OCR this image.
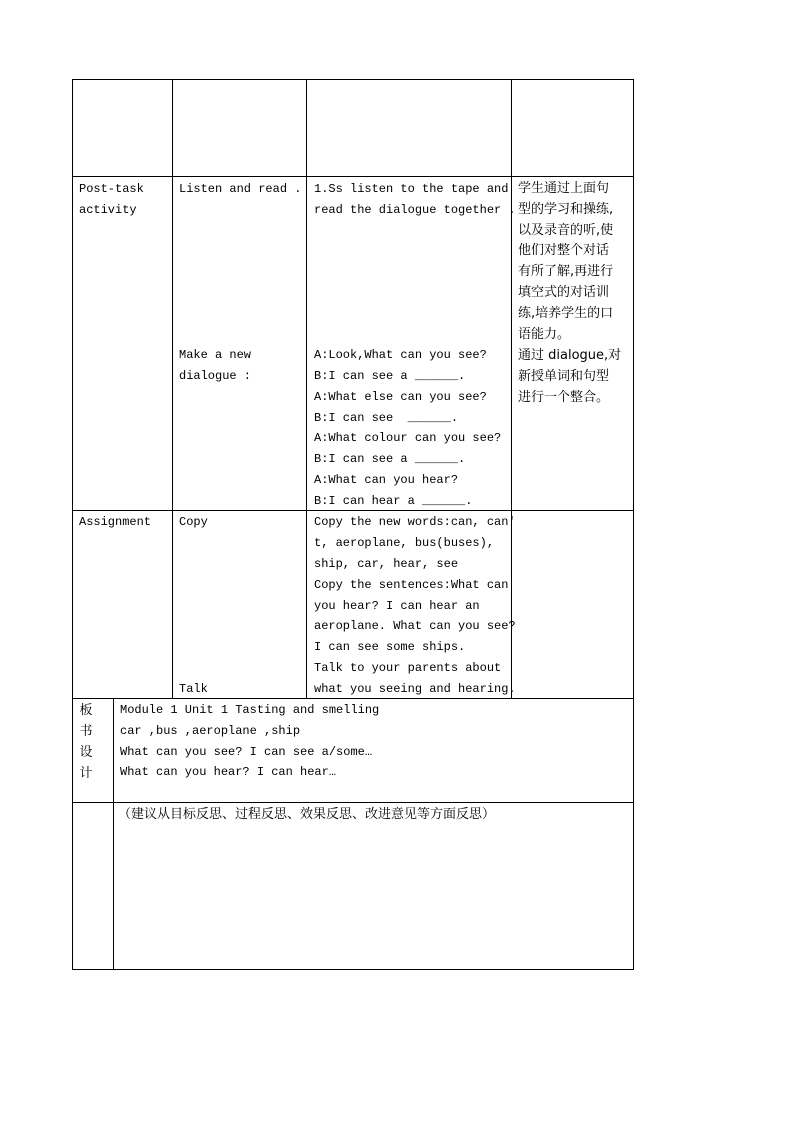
Post-task
activity
Listen and read .
Make a new
dialogue :
1.Ss listen to the tape and
read the dialogue together .
A:Look,What can you see?
B:I can see a ______.
A:What else can you see?
B:I can see  ______.
A:What colour can you see?
B:I can see a ______.
A:What can you hear?
B:I can hear a ______.
学生通过上面句
型的学习和操练,
以及录音的听,使
他们对整个对话
有所了解,再进行
填空式的对话训
练,培养学生的口
语能力。
通过 dialogue,对
新授单词和句型
进行一个整合。
Assignment Copy
Talk
Copy the new words:can, can'
t, aeroplane, bus(buses),
ship, car, hear, see
Copy the sentences:What can
you hear? I can hear an
aeroplane. What can you see?
I can see some ships.
Talk to your parents about
what you seeing and hearing.
板
书
设
计
Module 1 Unit 1 Tasting and smelling
car ,bus ,aeroplane ,ship
What can you see? I can see a/some…
What can you hear? I can hear…
（建议从目标反思、过程反思、效果反思、改进意见等方面反思）
